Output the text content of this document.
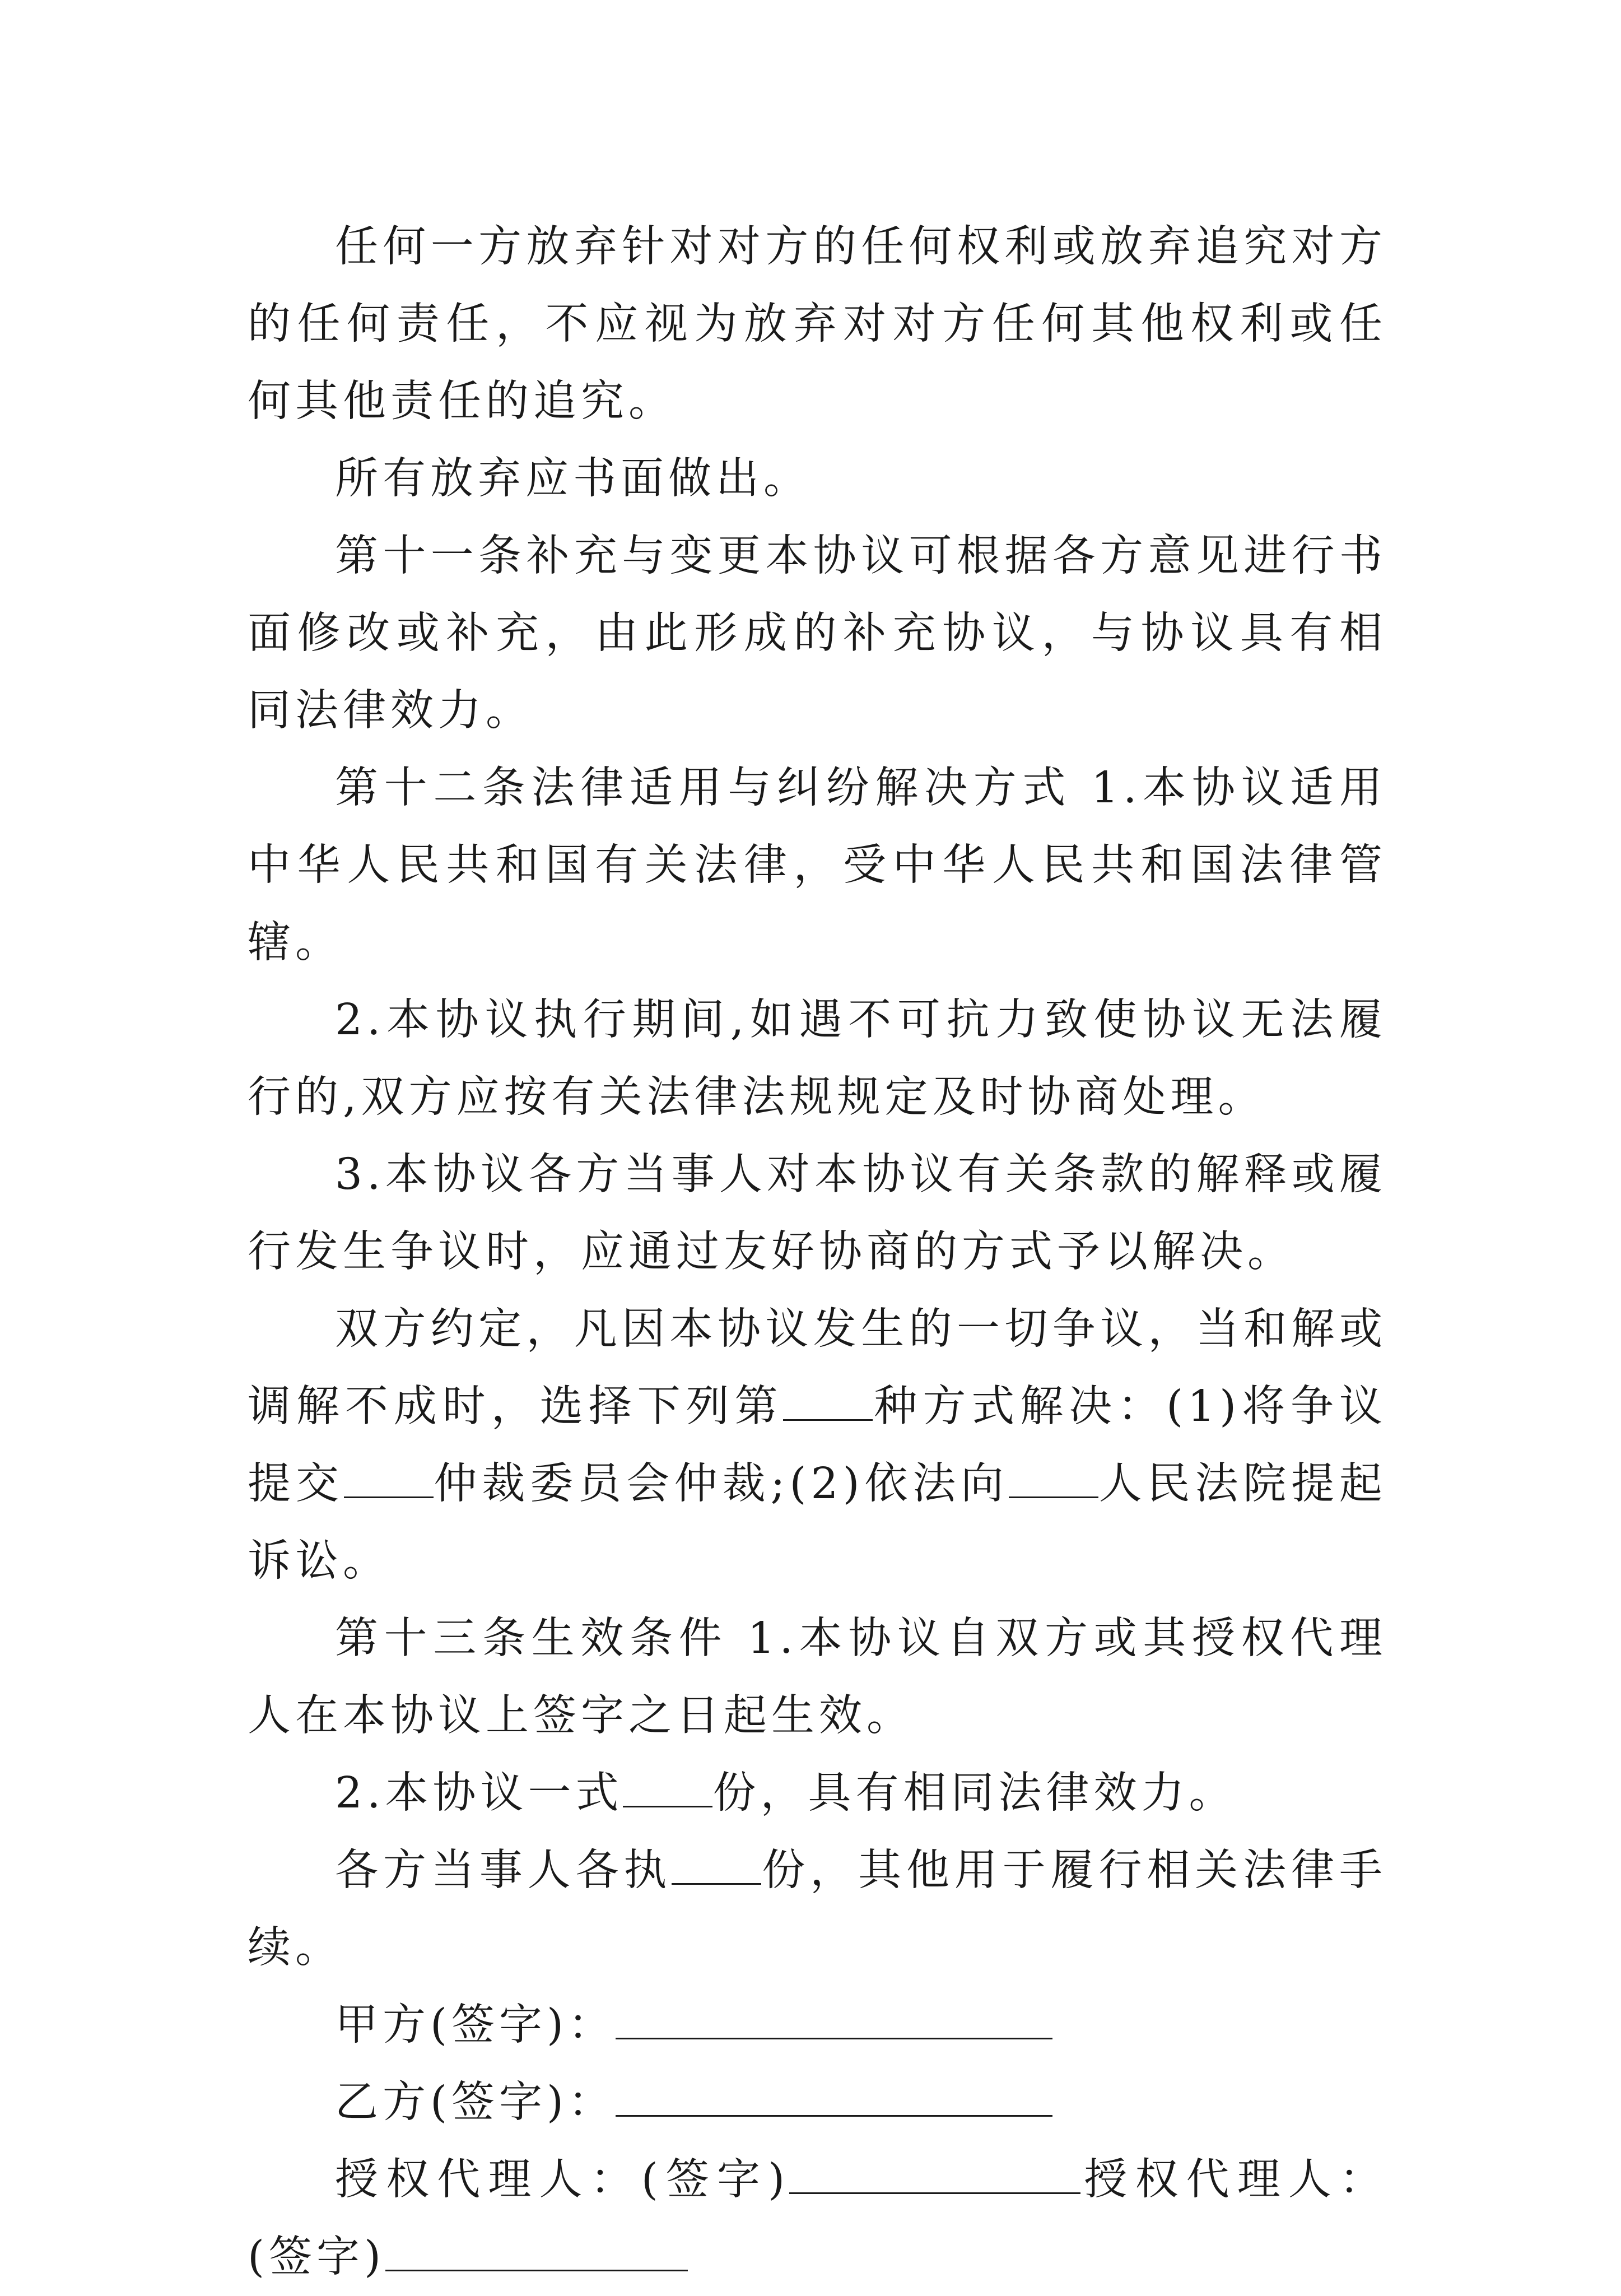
任何一方放弃针对对方的任何权利或放弃追究对方的任何责任，不应视为放弃对对方任何其他权利或任何其他责任的追究。

所有放弃应书面做出。

第十一条补充与变更本协议可根据各方意见进行书面修改或补充，由此形成的补充协议，与协议具有相同法律效力。

第十二条法律适用与纠纷解决方式 1.本协议适用中华人民共和国有关法律，受中华人民共和国法律管辖。

2.本协议执行期间,如遇不可抗力致使协议无法履行的,双方应按有关法律法规规定及时协商处理。

3.本协议各方当事人对本协议有关条款的解释或履行发生争议时，应通过友好协商的方式予以解决。

双方约定，凡因本协议发生的一切争议，当和解或调解不成时，选择下列第 种方式解决：(1)将争议提交 仲裁委员会仲裁;(2)依法向 人民法院提起诉讼。

第十三条生效条件 1.本协议自双方或其授权代理人在本协议上签字之日起生效。

2.本协议一式 份，具有相同法律效力。

各方当事人各执 份，其他用于履行相关法律手续。

甲方(签字)：

乙方(签字)：

授权代理人：(签字)	授权代理人：(签字)
